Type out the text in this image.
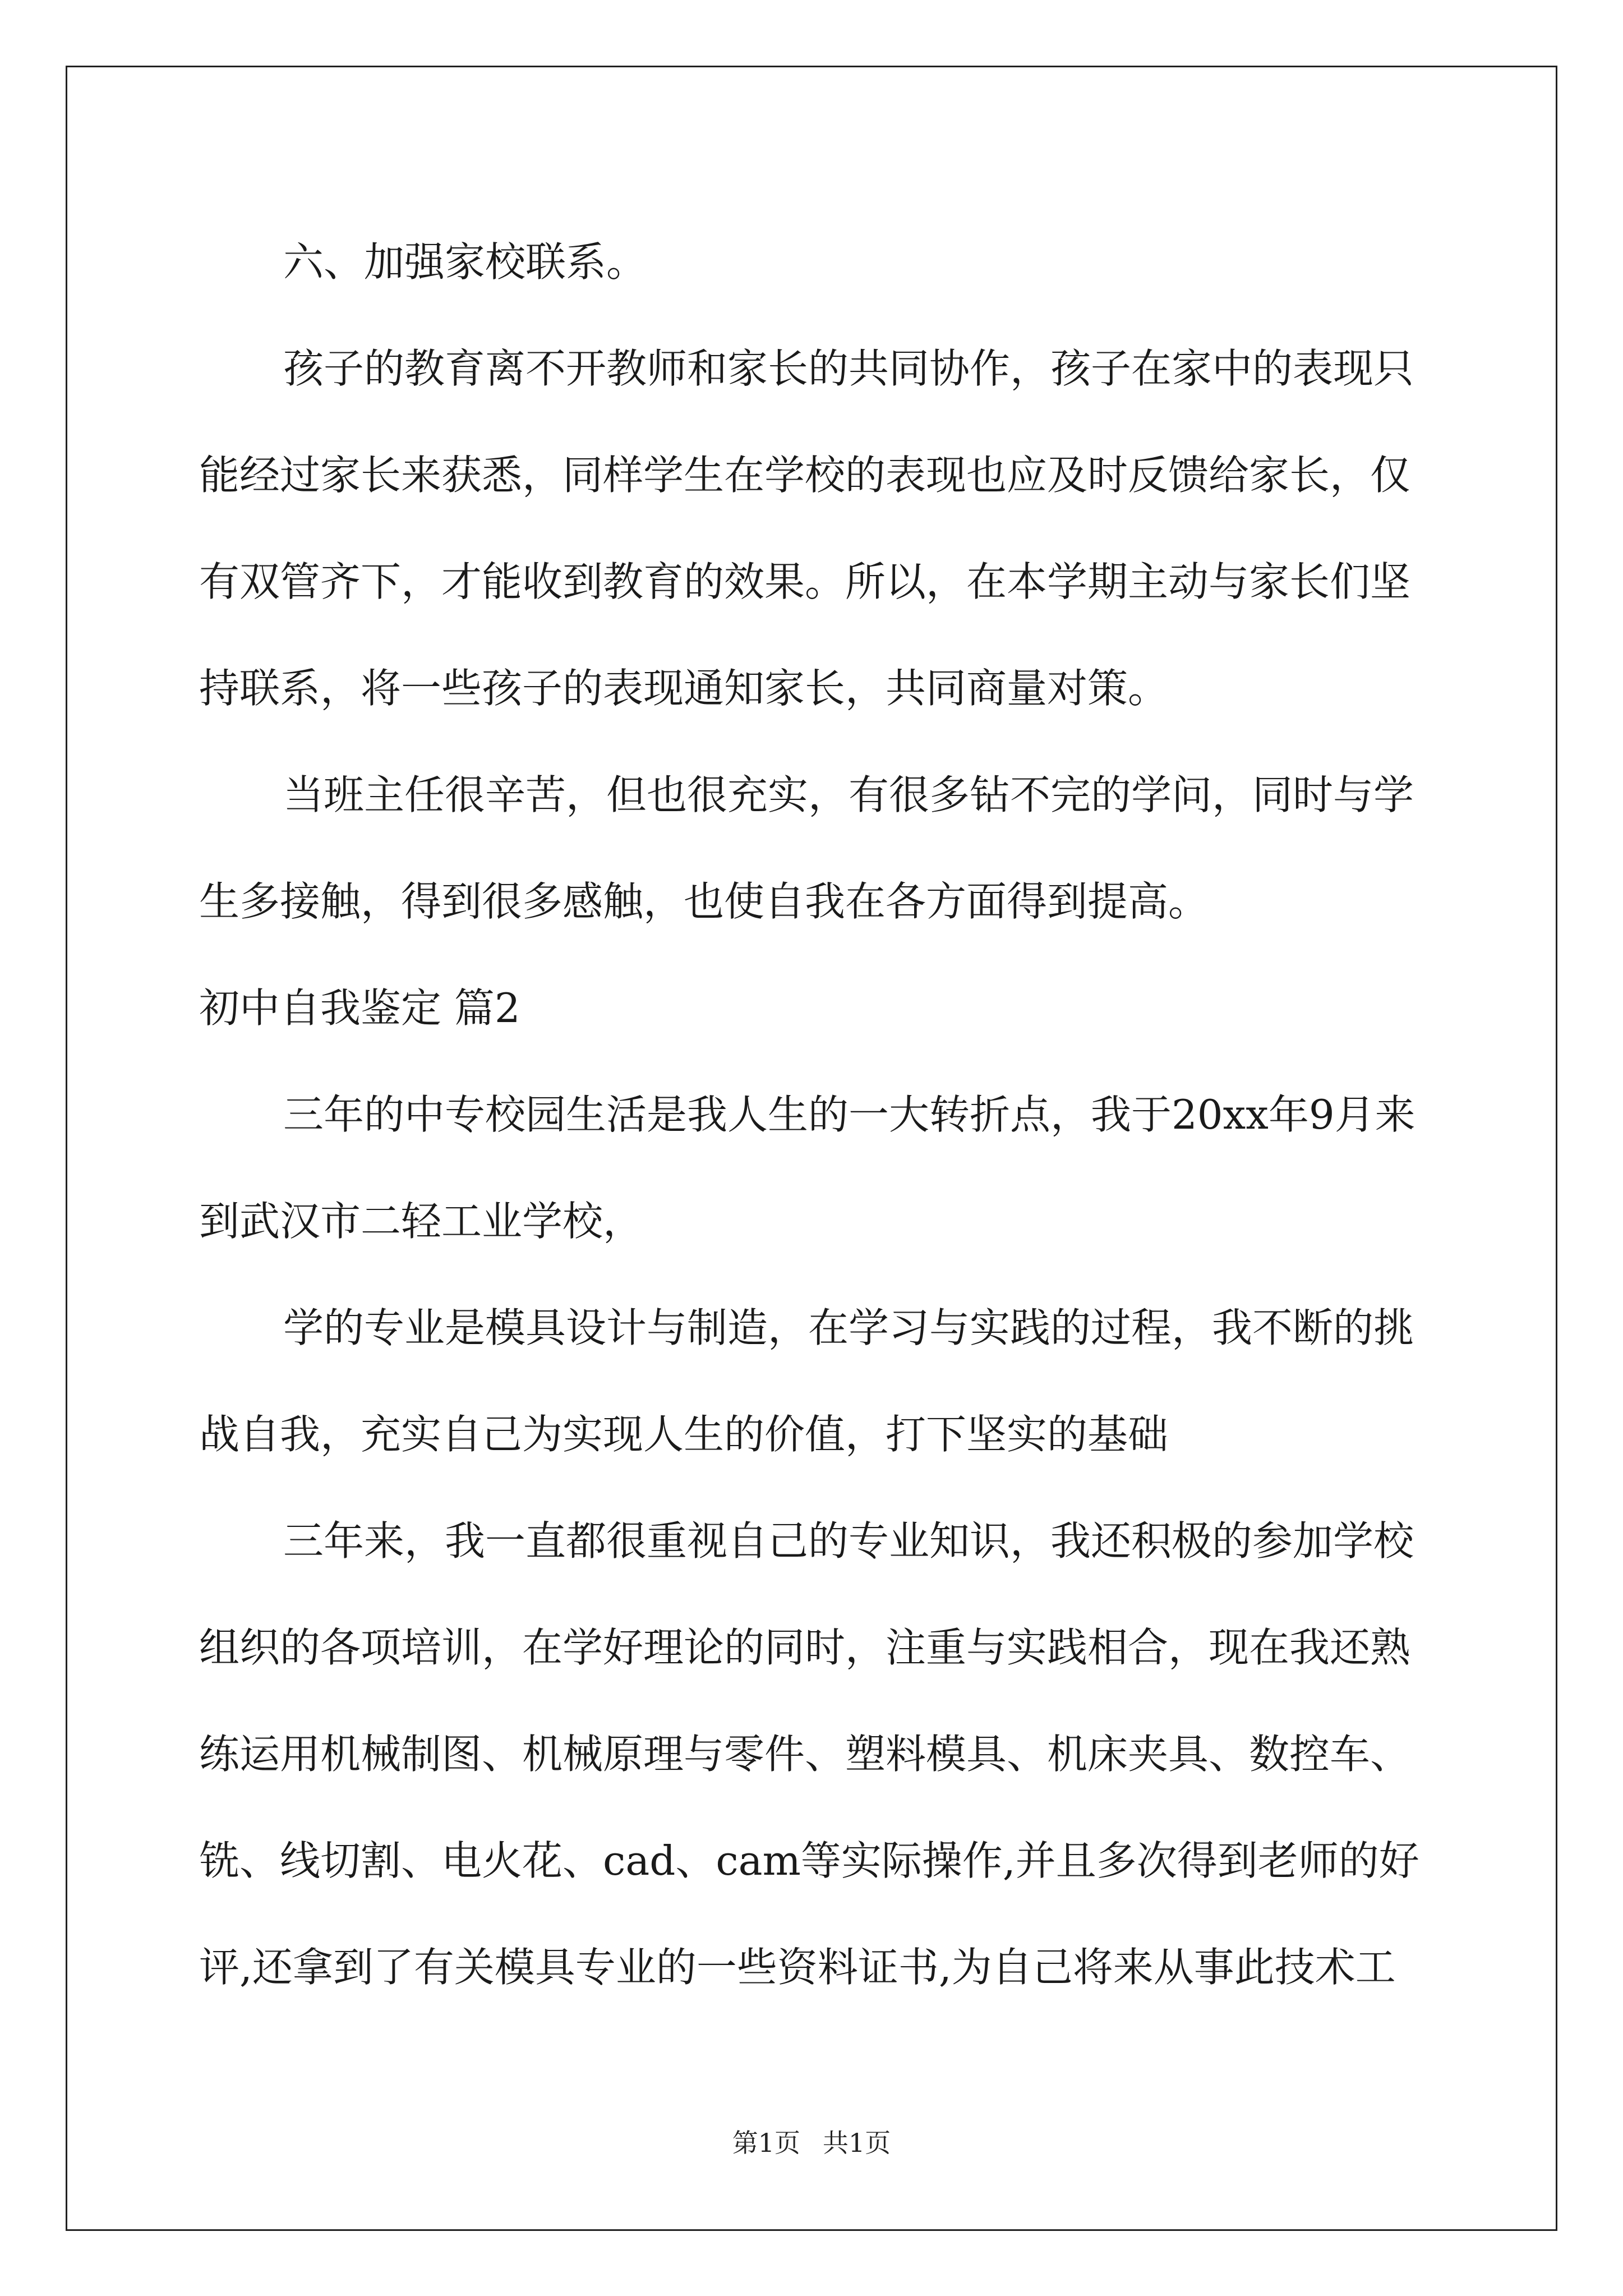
六、加强家校联系。

孩子的教育离不开教师和家长的共同协作，孩子在家中的表现只
能经过家长来获悉，同样学生在学校的表现也应及时反馈给家长，仅
有双管齐下，才能收到教育的效果。所以，在本学期主动与家长们坚
持联系，将一些孩子的表现通知家长，共同商量对策。

当班主任很辛苦，但也很充实，有很多钻不完的学问，同时与学
生多接触，得到很多感触，也使自我在各方面得到提高。

初中自我鉴定 篇2

三年的中专校园生活是我人生的一大转折点，我于20xx年9月来
到武汉市二轻工业学校，

学的专业是模具设计与制造，在学习与实践的过程，我不断的挑
战自我，充实自己为实现人生的价值，打下坚实的基础

三年来，我一直都很重视自己的专业知识，我还积极的参加学校
组织的各项培训，在学好理论的同时，注重与实践相合，现在我还熟
练运用机械制图、机械原理与零件、塑料模具、机床夹具、数控车、
铣、线切割、电火花、cad、cam等实际操作,并且多次得到老师的好
评,还拿到了有关模具专业的一些资料证书,为自己将来从事此技术工

第1页 共1页
